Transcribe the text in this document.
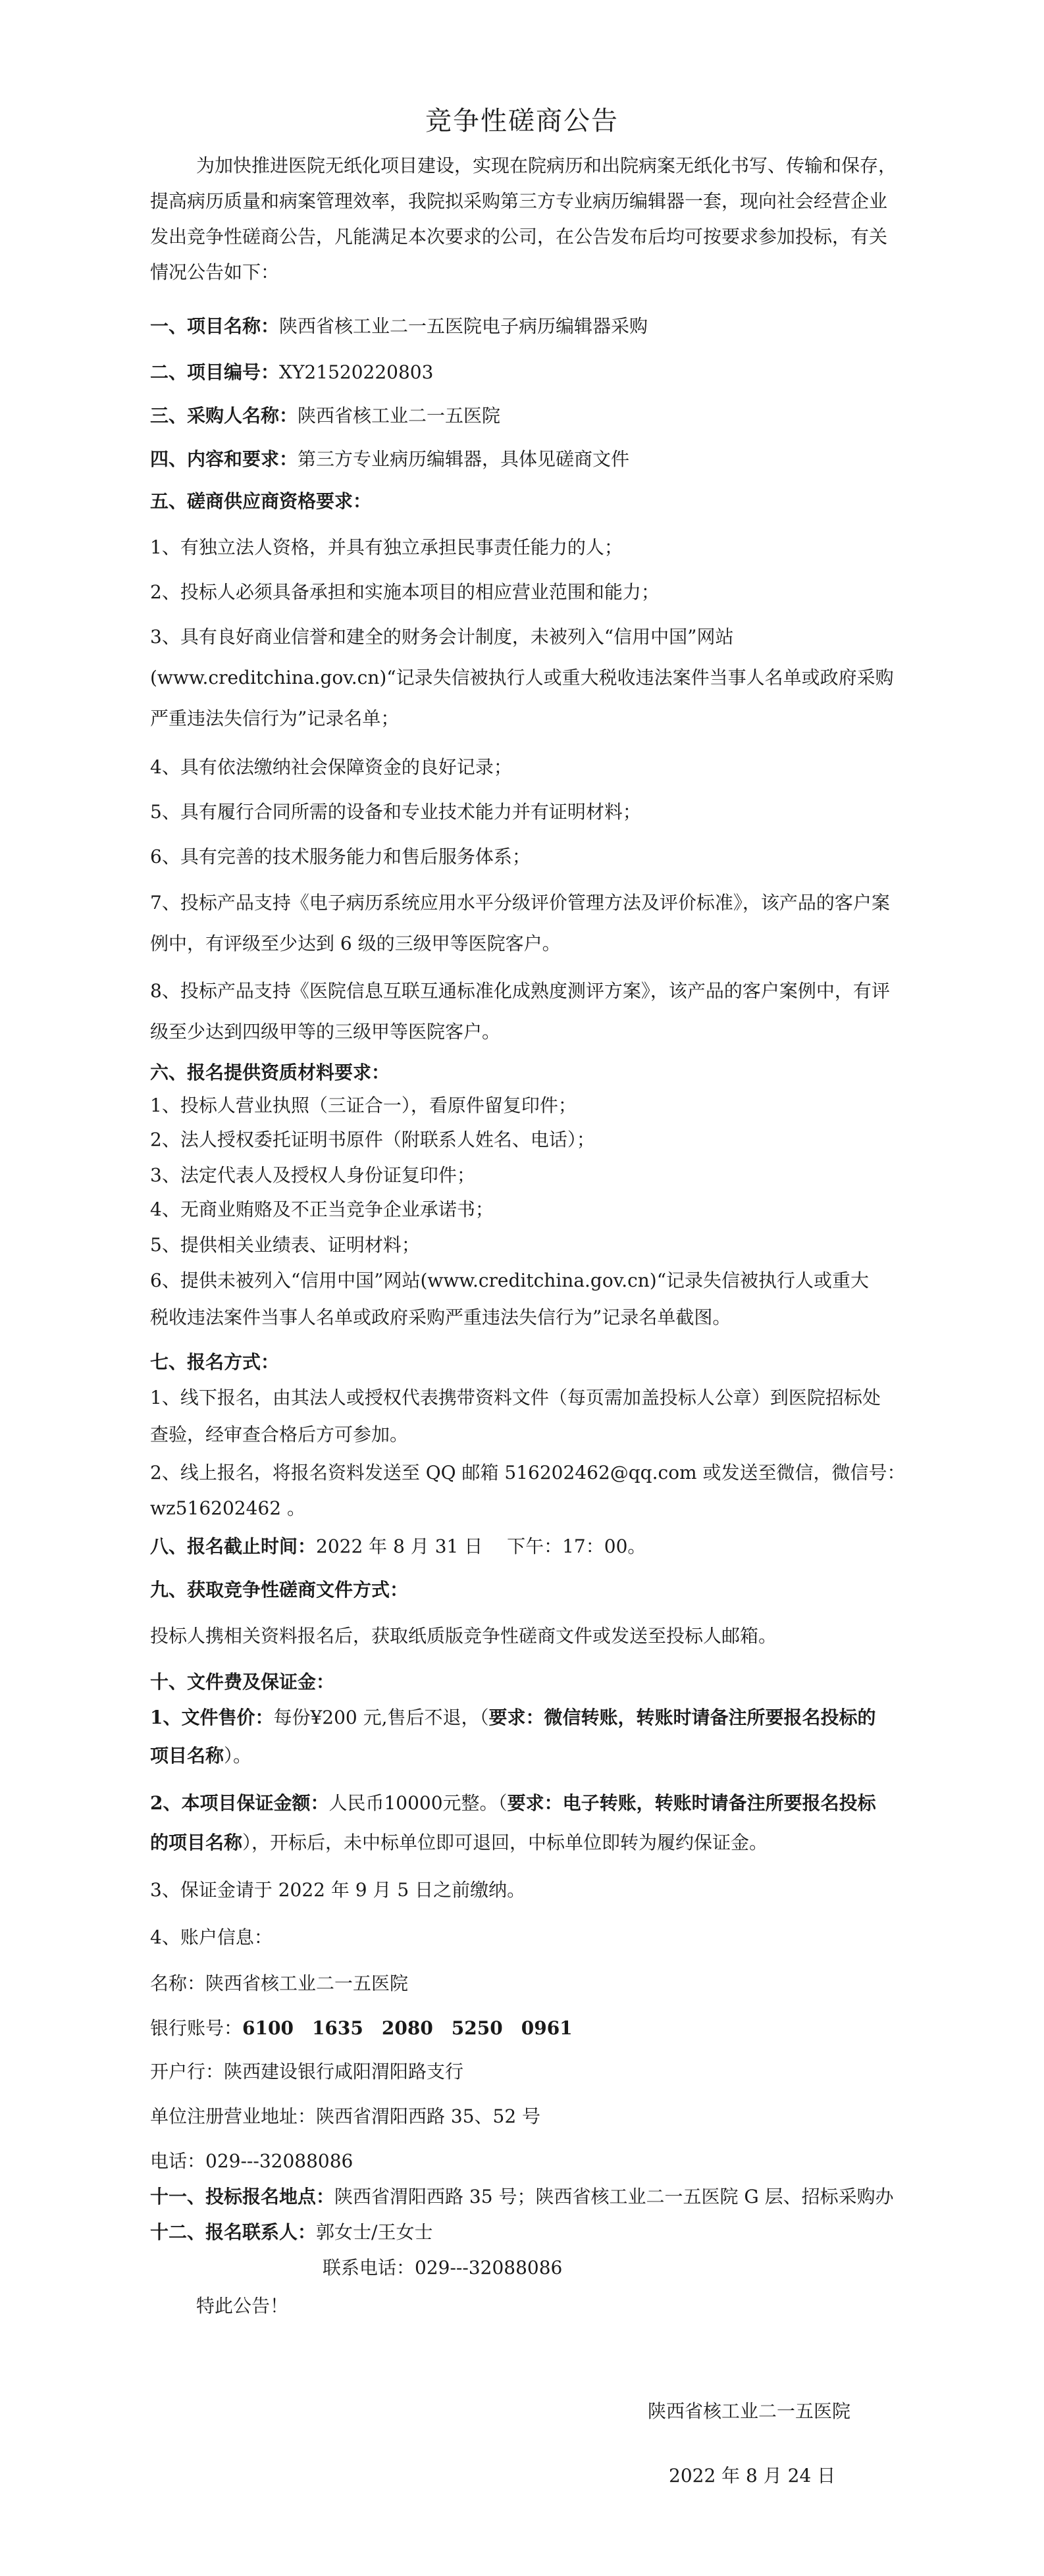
竞争性磋商公告
为加快推进医院无纸化项目建设，实现在院病历和出院病案无纸化书写、传输和保存，
提高病历质量和病案管理效率，我院拟采购第三方专业病历编辑器一套，现向社会经营企业
发出竞争性磋商公告，凡能满足本次要求的公司，在公告发布后均可按要求参加投标，有关
情况公告如下：
一、项目名称：陕西省核工业二一五医院电子病历编辑器采购
二、项目编号：XY21520220803
三、采购人名称：陕西省核工业二一五医院
四、内容和要求：第三方专业病历编辑器，具体见磋商文件
五、磋商供应商资格要求：
1、有独立法人资格，并具有独立承担民事责任能力的人；
2、投标人必须具备承担和实施本项目的相应营业范围和能力；
3、具有良好商业信誉和建全的财务会计制度，未被列入“信用中国”网站
(www.creditchina.gov.cn)“记录失信被执行人或重大税收违法案件当事人名单或政府采购
严重违法失信行为”记录名单；
4、具有依法缴纳社会保障资金的良好记录；
5、具有履行合同所需的设备和专业技术能力并有证明材料；
6、具有完善的技术服务能力和售后服务体系；
7、投标产品支持《电子病历系统应用水平分级评价管理方法及评价标准》，该产品的客户案
例中，有评级至少达到 6 级的三级甲等医院客户。
8、投标产品支持《医院信息互联互通标准化成熟度测评方案》，该产品的客户案例中，有评
级至少达到四级甲等的三级甲等医院客户。
六、报名提供资质材料要求：
1、投标人营业执照（三证合一），看原件留复印件；
2、法人授权委托证明书原件（附联系人姓名、电话）；
3、法定代表人及授权人身份证复印件；
4、无商业贿赂及不正当竞争企业承诺书；
5、提供相关业绩表、证明材料；
6、提供未被列入“信用中国”网站(www.creditchina.gov.cn)“记录失信被执行人或重大
税收违法案件当事人名单或政府采购严重违法失信行为”记录名单截图。
七、报名方式：
1、线下报名，由其法人或授权代表携带资料文件（每页需加盖投标人公章）到医院招标处
查验，经审查合格后方可参加。
2、线上报名，将报名资料发送至 QQ 邮箱 516202462@qq.com 或发送至微信，微信号：
wz516202462 。
八、报名截止时间：2022 年 8 月 31 日　 下午：17：00。
九、获取竞争性磋商文件方式：
投标人携相关资料报名后，获取纸质版竞争性磋商文件或发送至投标人邮箱。
十、文件费及保证金：
1、文件售价：每份¥200 元,售后不退，（要求：微信转账，转账时请备注所要报名投标的
项目名称）。
2、本项目保证金额：人民币10000元整。（要求：电子转账，转账时请备注所要报名投标
的项目名称），开标后，未中标单位即可退回，中标单位即转为履约保证金。
3、保证金请于 2022 年 9 月 5 日之前缴纳。
4、账户信息：
名称：陕西省核工业二一五医院
银行账号：6100　1635　2080　5250　0961
开户行：陕西建设银行咸阳渭阳路支行
单位注册营业地址：陕西省渭阳西路 35、52 号
电话：029---32088086
十一、投标报名地点：陕西省渭阳西路 35 号；陕西省核工业二一五医院 G 层、招标采购办
十二、报名联系人：郭女士/王女士
联系电话：029---32088086
特此公告！
陕西省核工业二一五医院
2022 年 8 月 24 日
